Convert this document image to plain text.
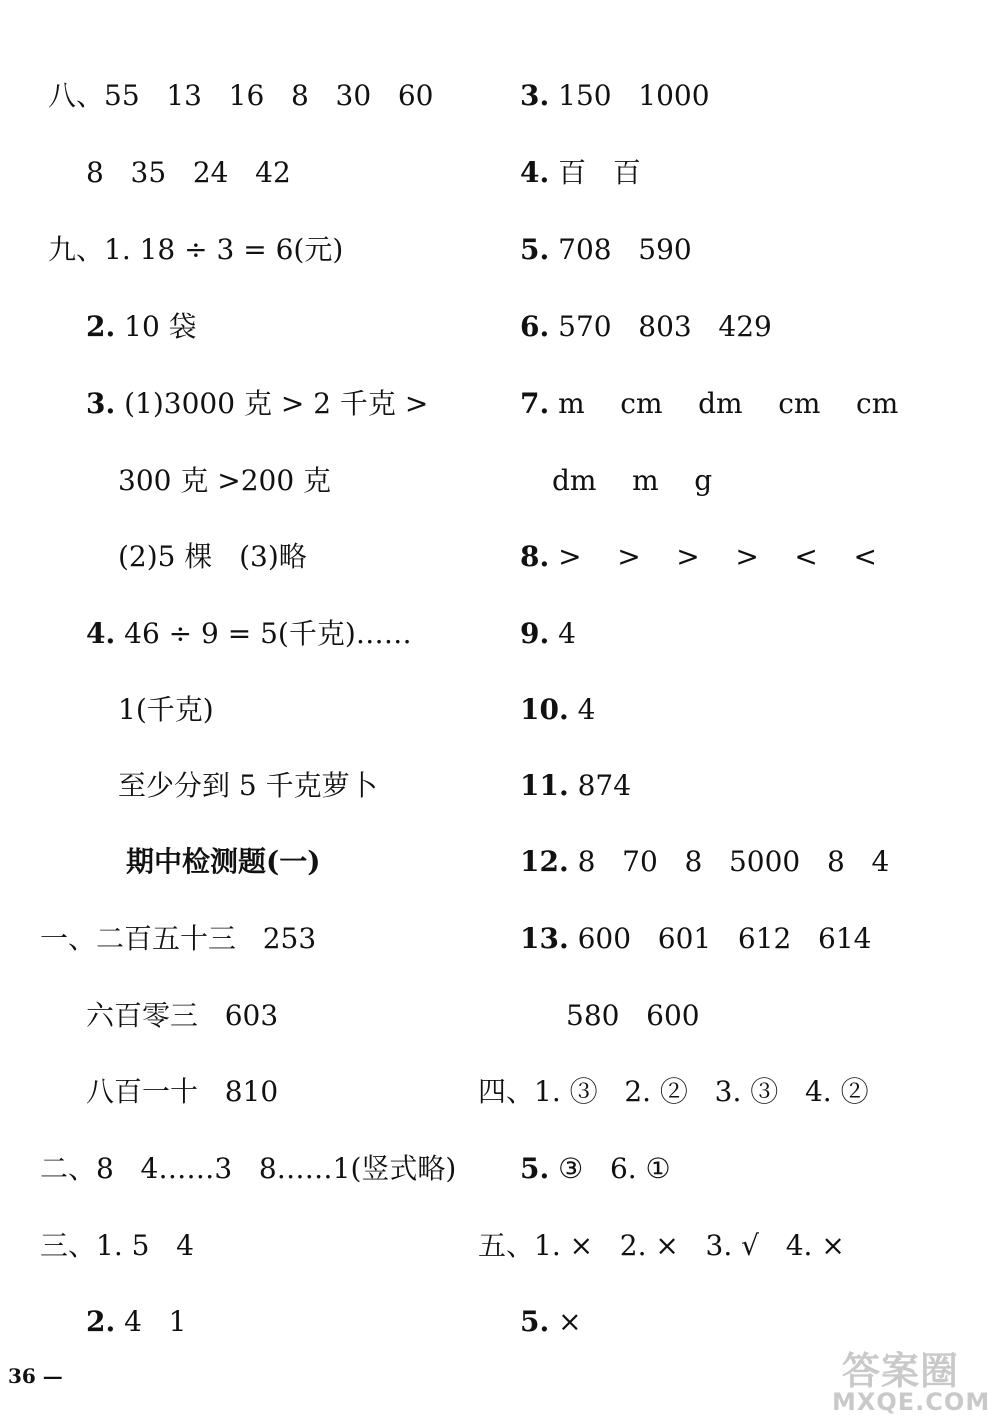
八、55   13   16   8   30   60
8   35   24   42
九、1. 18 ÷ 3 = 6(元)
2. 10 袋
3. (1)3000 克 > 2 千克 >
300 克 >200 克
(2)5 棵   (3)略
4. 46 ÷ 9 = 5(千克)……
1(千克)
至少分到 5 千克萝卜
期中检测题(一)
一、二百五十三   253
六百零三   603
八百一十   810
二、8   4……3   8……1(竖式略)
三、1. 5   4
2. 4   1
3. 150   1000
4. 百   百
5. 708   590
6. 570   803   429
7. m    cm    dm    cm    cm
dm    m    g
8. >    >    >    >    <    <
9. 4
10. 4
11. 874
12. 8   70   8   5000   8   4
13. 600   601   612   614
580   600
四、1. ③   2. ②   3. ③   4. ②
5. ③   6. ①
五、1. ×   2. ×   3. √   4. ×
5. ×
36 —	答案圈
MXQE.COM
